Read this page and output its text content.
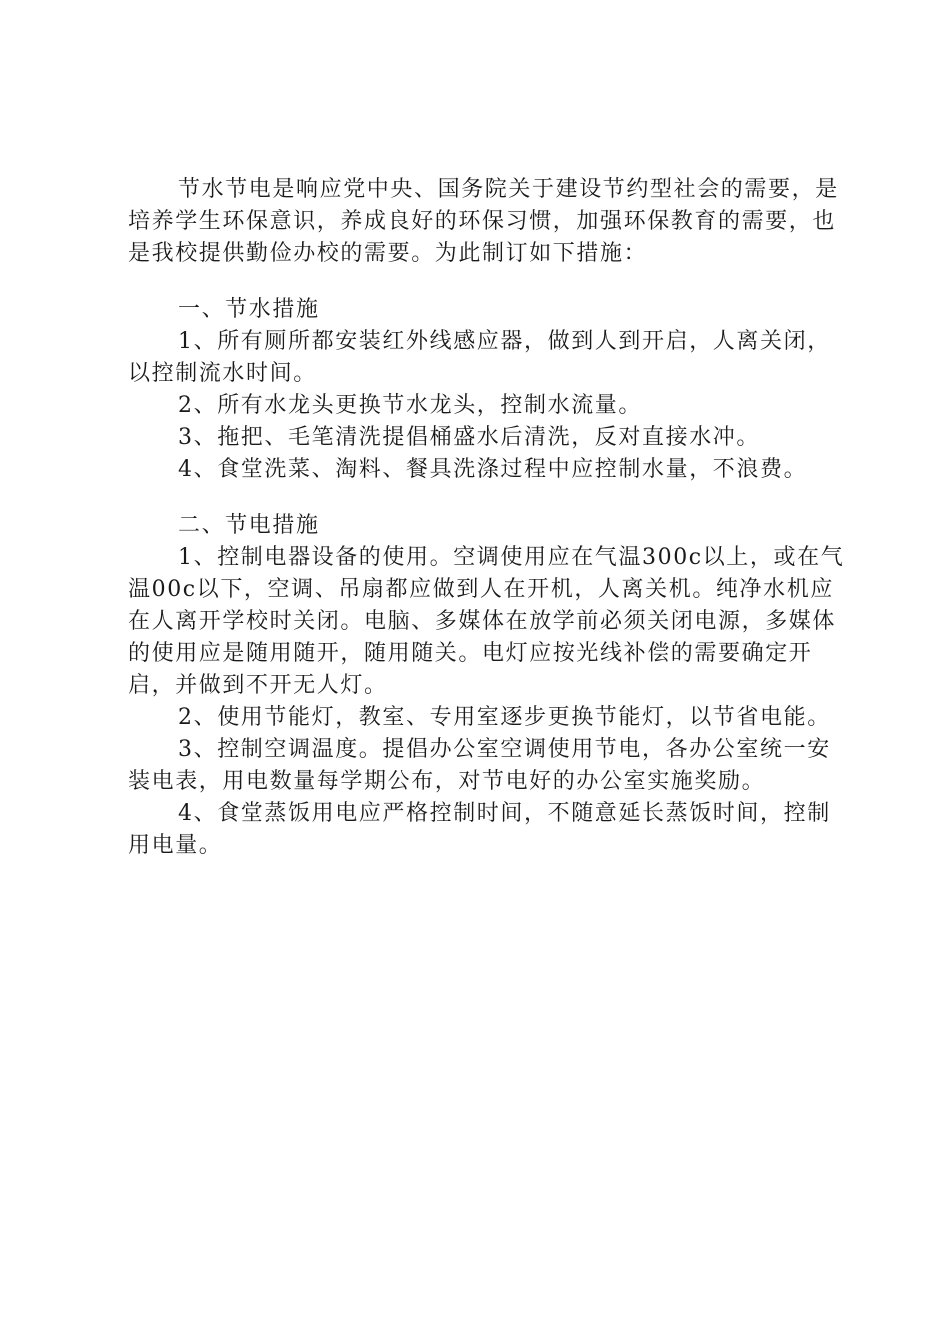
节水节电是响应党中央、国务院关于建设节约型社会的需要，是培养学生环保意识，养成良好的环保习惯，加强环保教育的需要，也是我校提供勤俭办校的需要。为此制订如下措施：

一、节水措施

1、所有厕所都安装红外线感应器，做到人到开启，人离关闭，以控制流水时间。

2、所有水龙头更换节水龙头，控制水流量。

3、拖把、毛笔清洗提倡桶盛水后清洗，反对直接水冲。

4、食堂洗菜、淘料、餐具洗涤过程中应控制水量，不浪费。

二、节电措施

1、控制电器设备的使用。空调使用应在气温300c以上，或在气温00c以下，空调、吊扇都应做到人在开机，人离关机。纯净水机应在人离开学校时关闭。电脑、多媒体在放学前必须关闭电源，多媒体的使用应是随用随开，随用随关。电灯应按光线补偿的需要确定开启，并做到不开无人灯。

2、使用节能灯，教室、专用室逐步更换节能灯，以节省电能。

3、控制空调温度。提倡办公室空调使用节电，各办公室统一安装电表，用电数量每学期公布，对节电好的办公室实施奖励。

4、食堂蒸饭用电应严格控制时间，不随意延长蒸饭时间，控制用电量。
